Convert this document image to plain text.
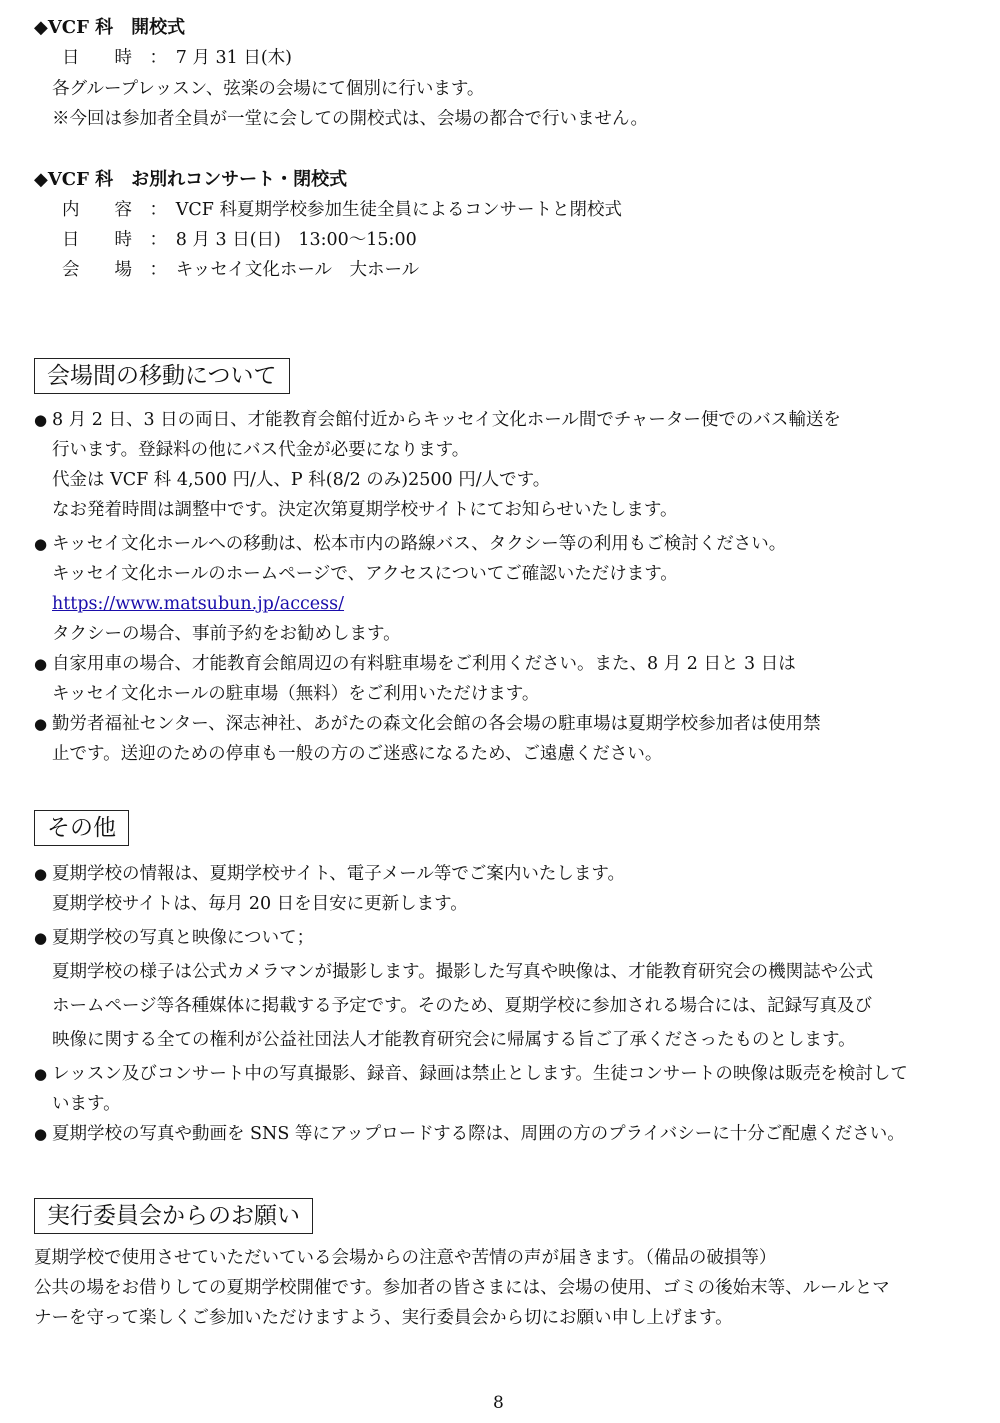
◆VCF 科　開校式
日　　時　：　7 月 31 日(木)
各グループレッスン、弦楽の会場にて個別に行います。
※今回は参加者全員が一堂に会しての開校式は、会場の都合で行いません。
◆VCF 科　お別れコンサート・閉校式
内　　容　：　VCF 科夏期学校参加生徒全員によるコンサートと閉校式
日　　時　：　8 月 3 日(日)　13:00～15:00
会　　場　：　キッセイ文化ホール　大ホール
会場間の移動について
● 8 月 2 日、3 日の両日、才能教育会館付近からキッセイ文化ホール間でチャーター便でのバス輸送を
行います。登録料の他にバス代金が必要になります。
代金は VCF 科 4,500 円/人、P 科(8/2 のみ)2500 円/人です。
なお発着時間は調整中です。決定次第夏期学校サイトにてお知らせいたします。
● キッセイ文化ホールへの移動は、松本市内の路線バス、タクシー等の利用もご検討ください。
キッセイ文化ホールのホームページで、アクセスについてご確認いただけます。
https://www.matsubun.jp/access/
タクシーの場合、事前予約をお勧めします。
● 自家用車の場合、才能教育会館周辺の有料駐車場をご利用ください。また、8 月 2 日と 3 日は
キッセイ文化ホールの駐車場（無料）をご利用いただけます。
● 勤労者福祉センター、深志神社、あがたの森文化会館の各会場の駐車場は夏期学校参加者は使用禁
止です。送迎のための停車も一般の方のご迷惑になるため、ご遠慮ください。
その他
● 夏期学校の情報は、夏期学校サイト、電子メール等でご案内いたします。
夏期学校サイトは、毎月 20 日を目安に更新します。
● 夏期学校の写真と映像について；
夏期学校の様子は公式カメラマンが撮影します。撮影した写真や映像は、才能教育研究会の機関誌や公式
ホームページ等各種媒体に掲載する予定です。そのため、夏期学校に参加される場合には、記録写真及び
映像に関する全ての権利が公益社団法人才能教育研究会に帰属する旨ご了承くださったものとします。
● レッスン及びコンサート中の写真撮影、録音、録画は禁止とします。生徒コンサートの映像は販売を検討して
います。
● 夏期学校の写真や動画を SNS 等にアップロードする際は、周囲の方のプライバシーに十分ご配慮ください。
実行委員会からのお願い
夏期学校で使用させていただいている会場からの注意や苦情の声が届きます。（備品の破損等）
公共の場をお借りしての夏期学校開催です。参加者の皆さまには、会場の使用、ゴミの後始末等、ルールとマ
ナーを守って楽しくご参加いただけますよう、実行委員会から切にお願い申し上げます。
8
